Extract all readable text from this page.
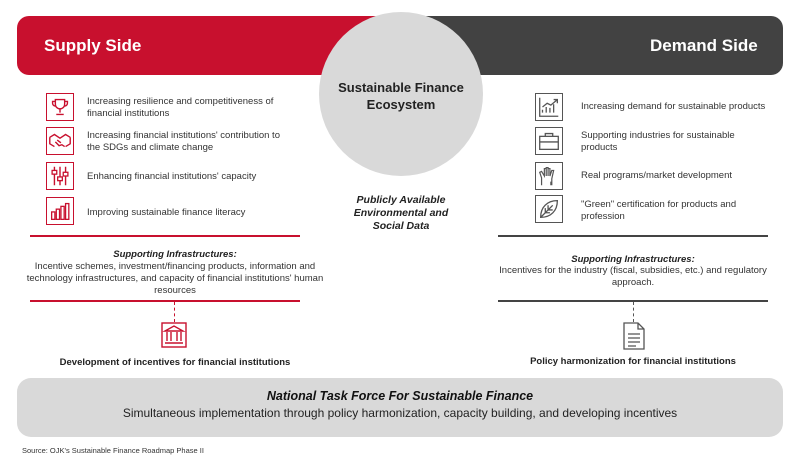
Supply Side	Demand Side
Sustainable Finance Ecosystem
Publicly Available Environmental and Social Data
Increasing resilience and competitiveness of financial institutions
Increasing financial institutions' contribution to the SDGs and climate change
Enhancing financial institutions' capacity
Improving sustainable finance literacy
Supporting Infrastructures:
Incentive schemes, investment/financing products, information and technology infrastructures, and capacity of financial institutions' human resources
Development of incentives for financial institutions
Increasing demand for sustainable products
Supporting industries for sustainable products
Real programs/market development
"Green" certification for products and profession
Supporting Infrastructures:
Incentives for the industry (fiscal, subsidies, etc.) and regulatory approach.
Policy harmonization for financial institutions
National Task Force For Sustainable Finance
Simultaneous implementation through policy harmonization, capacity building, and developing incentives
Source: OJK's Sustainable Finance Roadmap Phase II
